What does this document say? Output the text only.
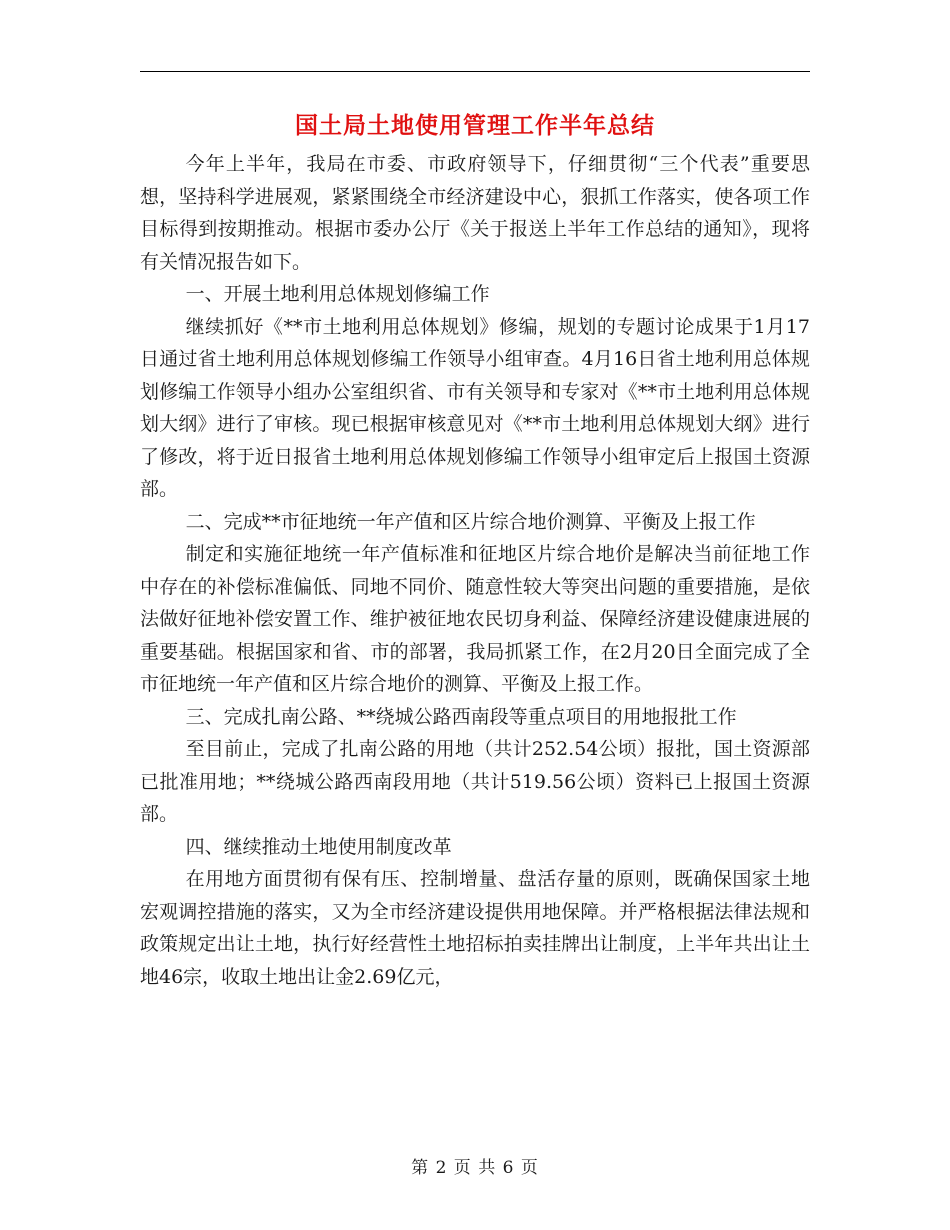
国土局土地使用管理工作半年总结

今年上半年，我局在市委、市政府领导下，仔细贯彻“三个代表”重要思想，坚持科学进展观，紧紧围绕全市经济建设中心，狠抓工作落实，使各项工作目标得到按期推动。根据市委办公厅《关于报送上半年工作总结的通知》，现将有关情况报告如下。

一、开展土地利用总体规划修编工作

继续抓好《**市土地利用总体规划》修编，规划的专题讨论成果于1月17日通过省土地利用总体规划修编工作领导小组审查。4月16日省土地利用总体规划修编工作领导小组办公室组织省、市有关领导和专家对《**市土地利用总体规划大纲》进行了审核。现已根据审核意见对《**市土地利用总体规划大纲》进行了修改，将于近日报省土地利用总体规划修编工作领导小组审定后上报国土资源部。

二、完成**市征地统一年产值和区片综合地价测算、平衡及上报工作

制定和实施征地统一年产值标准和征地区片综合地价是解决当前征地工作中存在的补偿标准偏低、同地不同价、随意性较大等突出问题的重要措施，是依法做好征地补偿安置工作、维护被征地农民切身利益、保障经济建设健康进展的重要基础。根据国家和省、市的部署，我局抓紧工作，在2月20日全面完成了全市征地统一年产值和区片综合地价的测算、平衡及上报工作。

三、完成扎南公路、**绕城公路西南段等重点项目的用地报批工作

至目前止，完成了扎南公路的用地（共计252.54公顷）报批，国土资源部已批准用地；**绕城公路西南段用地（共计519.56公顷）资料已上报国土资源部。

四、继续推动土地使用制度改革

在用地方面贯彻有保有压、控制增量、盘活存量的原则，既确保国家土地宏观调控措施的落实，又为全市经济建设提供用地保障。并严格根据法律法规和政策规定出让土地，执行好经营性土地招标拍卖挂牌出让制度，上半年共出让土地46宗，收取土地出让金2.69亿元，

第 2 页 共 6 页
